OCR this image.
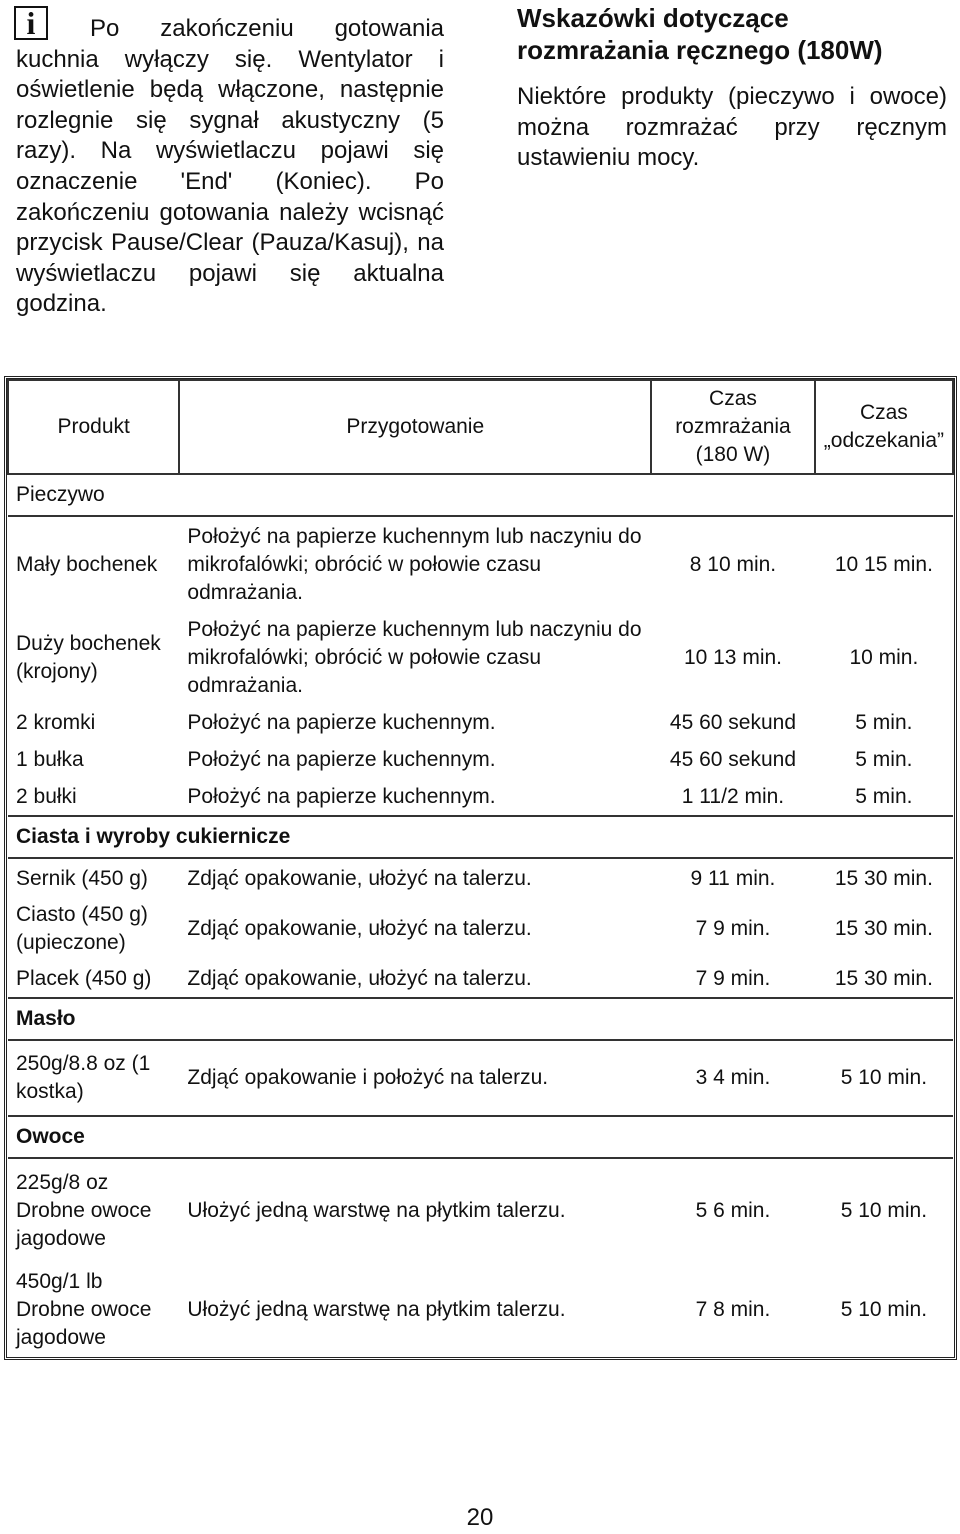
i	Po zakończeniu gotowania kuchnia wyłączy się. Wentylator i oświetlenie będą włączone, następnie rozlegnie się sygnał akustyczny (5 razy). Na wyświetlaczu pojawi się oznaczenie 'End' (Koniec). Po zakończeniu gotowania należy wcisnąć przycisk Pause/Clear (Pauza/Kasuj), na wyświetlaczu pojawi się aktualna godzina.

Wskazówki dotyczące rozmrażania ręcznego (180W)

Niektóre produkty (pieczywo i owoce) można rozmrażać przy ręcznym ustawieniu mocy.

Produkt	Przygotowanie	Czas rozmrażania (180 W)	Czas „odczekania”
Pieczywo			
Mały bochenek	Położyć na papierze kuchennym lub naczyniu do mikrofalówki; obrócić w połowie czasu odmrażania.	8 10 min.	10 15 min.
Duży bochenek (krojony)	Położyć na papierze kuchennym lub naczyniu do mikrofalówki; obrócić w połowie czasu odmrażania.	10 13 min.	10 min.
2 kromki	Położyć na papierze kuchennym.	45 60 sekund	5 min.
1 bułka	Położyć na papierze kuchennym.	45 60 sekund	5 min.
2 bułki	Położyć na papierze kuchennym.	1 11/2 min.	5 min.
Ciasta i wyroby cukiernicze			
Sernik (450 g)	Zdjąć opakowanie, ułożyć na talerzu.	9 11 min.	15 30 min.
Ciasto (450 g) (upieczone)	Zdjąć opakowanie, ułożyć na talerzu.	7 9 min.	15 30 min.
Placek (450 g)	Zdjąć opakowanie, ułożyć na talerzu.	7 9 min.	15 30 min.
Masło			
250g/8.8 oz (1 kostka)	Zdjąć opakowanie i położyć na talerzu.	3 4 min.	5 10 min.
Owoce			
225g/8 oz Drobne owoce jagodowe	Ułożyć jedną warstwę na płytkim talerzu.	5 6 min.	5 10 min.
450g/1 lb Drobne owoce jagodowe	Ułożyć jedną warstwę na płytkim talerzu.	7 8 min.	5 10 min.
20
